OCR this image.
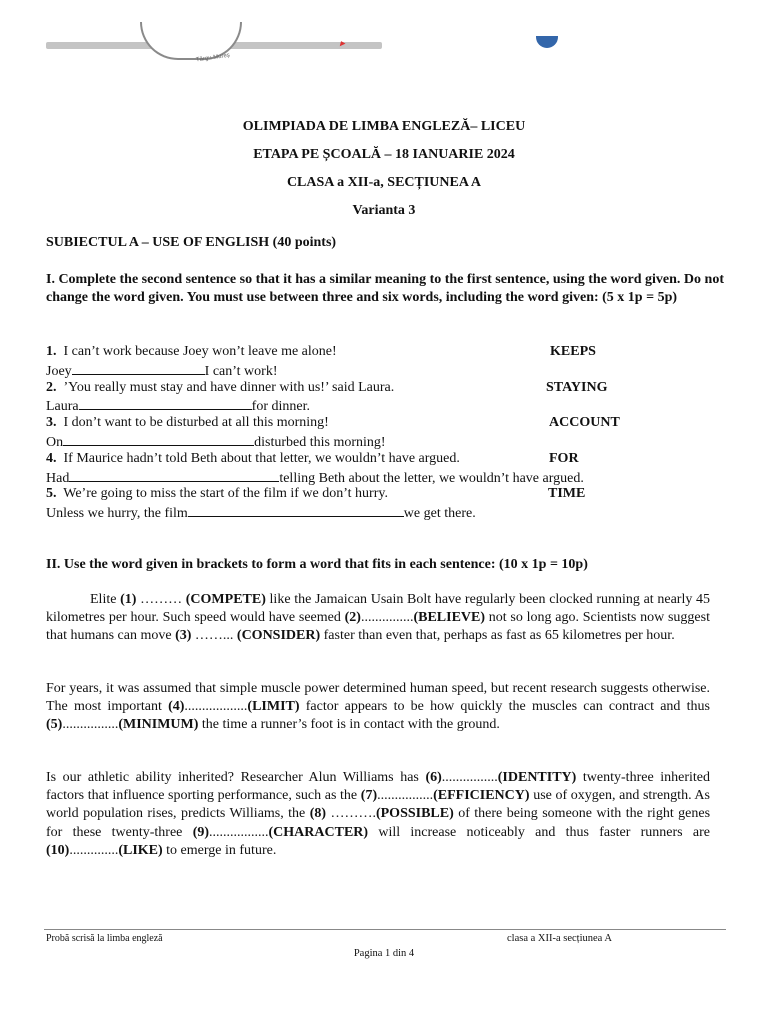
Târgu Mureș
▸
OLIMPIADA DE LIMBA ENGLEZĂ– LICEU
ETAPA PE ȘCOALĂ – 18 IANUARIE 2024
CLASA a XII-a, SECȚIUNEA A
Varianta 3
SUBIECTUL A – USE OF ENGLISH (40 points)
I. Complete the second sentence so that it has a similar meaning to the first sentence, using the word given. Do not change the word given. You must use between three and six words, including the word given: (5 x 1p = 5p)
1. I can’t work because Joey won’t leave me alone!	KEEPS
Joey	I can’t work!
2. ’You really must stay and have dinner with us!’ said Laura.	STAYING
Laura	for dinner.
3. I don’t want to be disturbed at all this morning!	ACCOUNT
On	disturbed this morning!
4. If Maurice hadn’t told Beth about that letter, we wouldn’t have argued.	FOR
Had	telling Beth about the letter, we wouldn’t have argued.
5. We’re going to miss the start of the film if we don’t hurry.	TIME
Unless we hurry, the film	we get there.
II. Use the word given in brackets to form a word that fits in each sentence: (10 x 1p = 10p)
Elite (1) ……… (COMPETE) like the Jamaican Usain Bolt have regularly been clocked running at nearly 45 kilometres per hour. Such speed would have seemed (2)...............(BELIEVE) not so long ago. Scientists now suggest that humans can move (3) ……... (CONSIDER) faster than even that, perhaps as fast as 65 kilometres per hour.
For years, it was assumed that simple muscle power determined human speed, but recent research suggests otherwise. The most important (4)..................(LIMIT) factor appears to be how quickly the muscles can contract and thus (5)................(MINIMUM) the time a runner’s foot is in contact with the ground.
Is our athletic ability inherited? Researcher Alun Williams has (6)................(IDENTITY) twenty-three inherited factors that influence sporting performance, such as the (7)................(EFFICIENCY) use of oxygen, and strength. As world population rises, predicts Williams, the (8) ……….(POSSIBLE) of there being someone with the right genes for these twenty-three (9).................(CHARACTER) will increase noticeably and thus faster runners are (10)..............(LIKE) to emerge in future.
Probă scrisă la limba engleză	clasa a XII-a secțiunea A
Pagina 1 din 4
